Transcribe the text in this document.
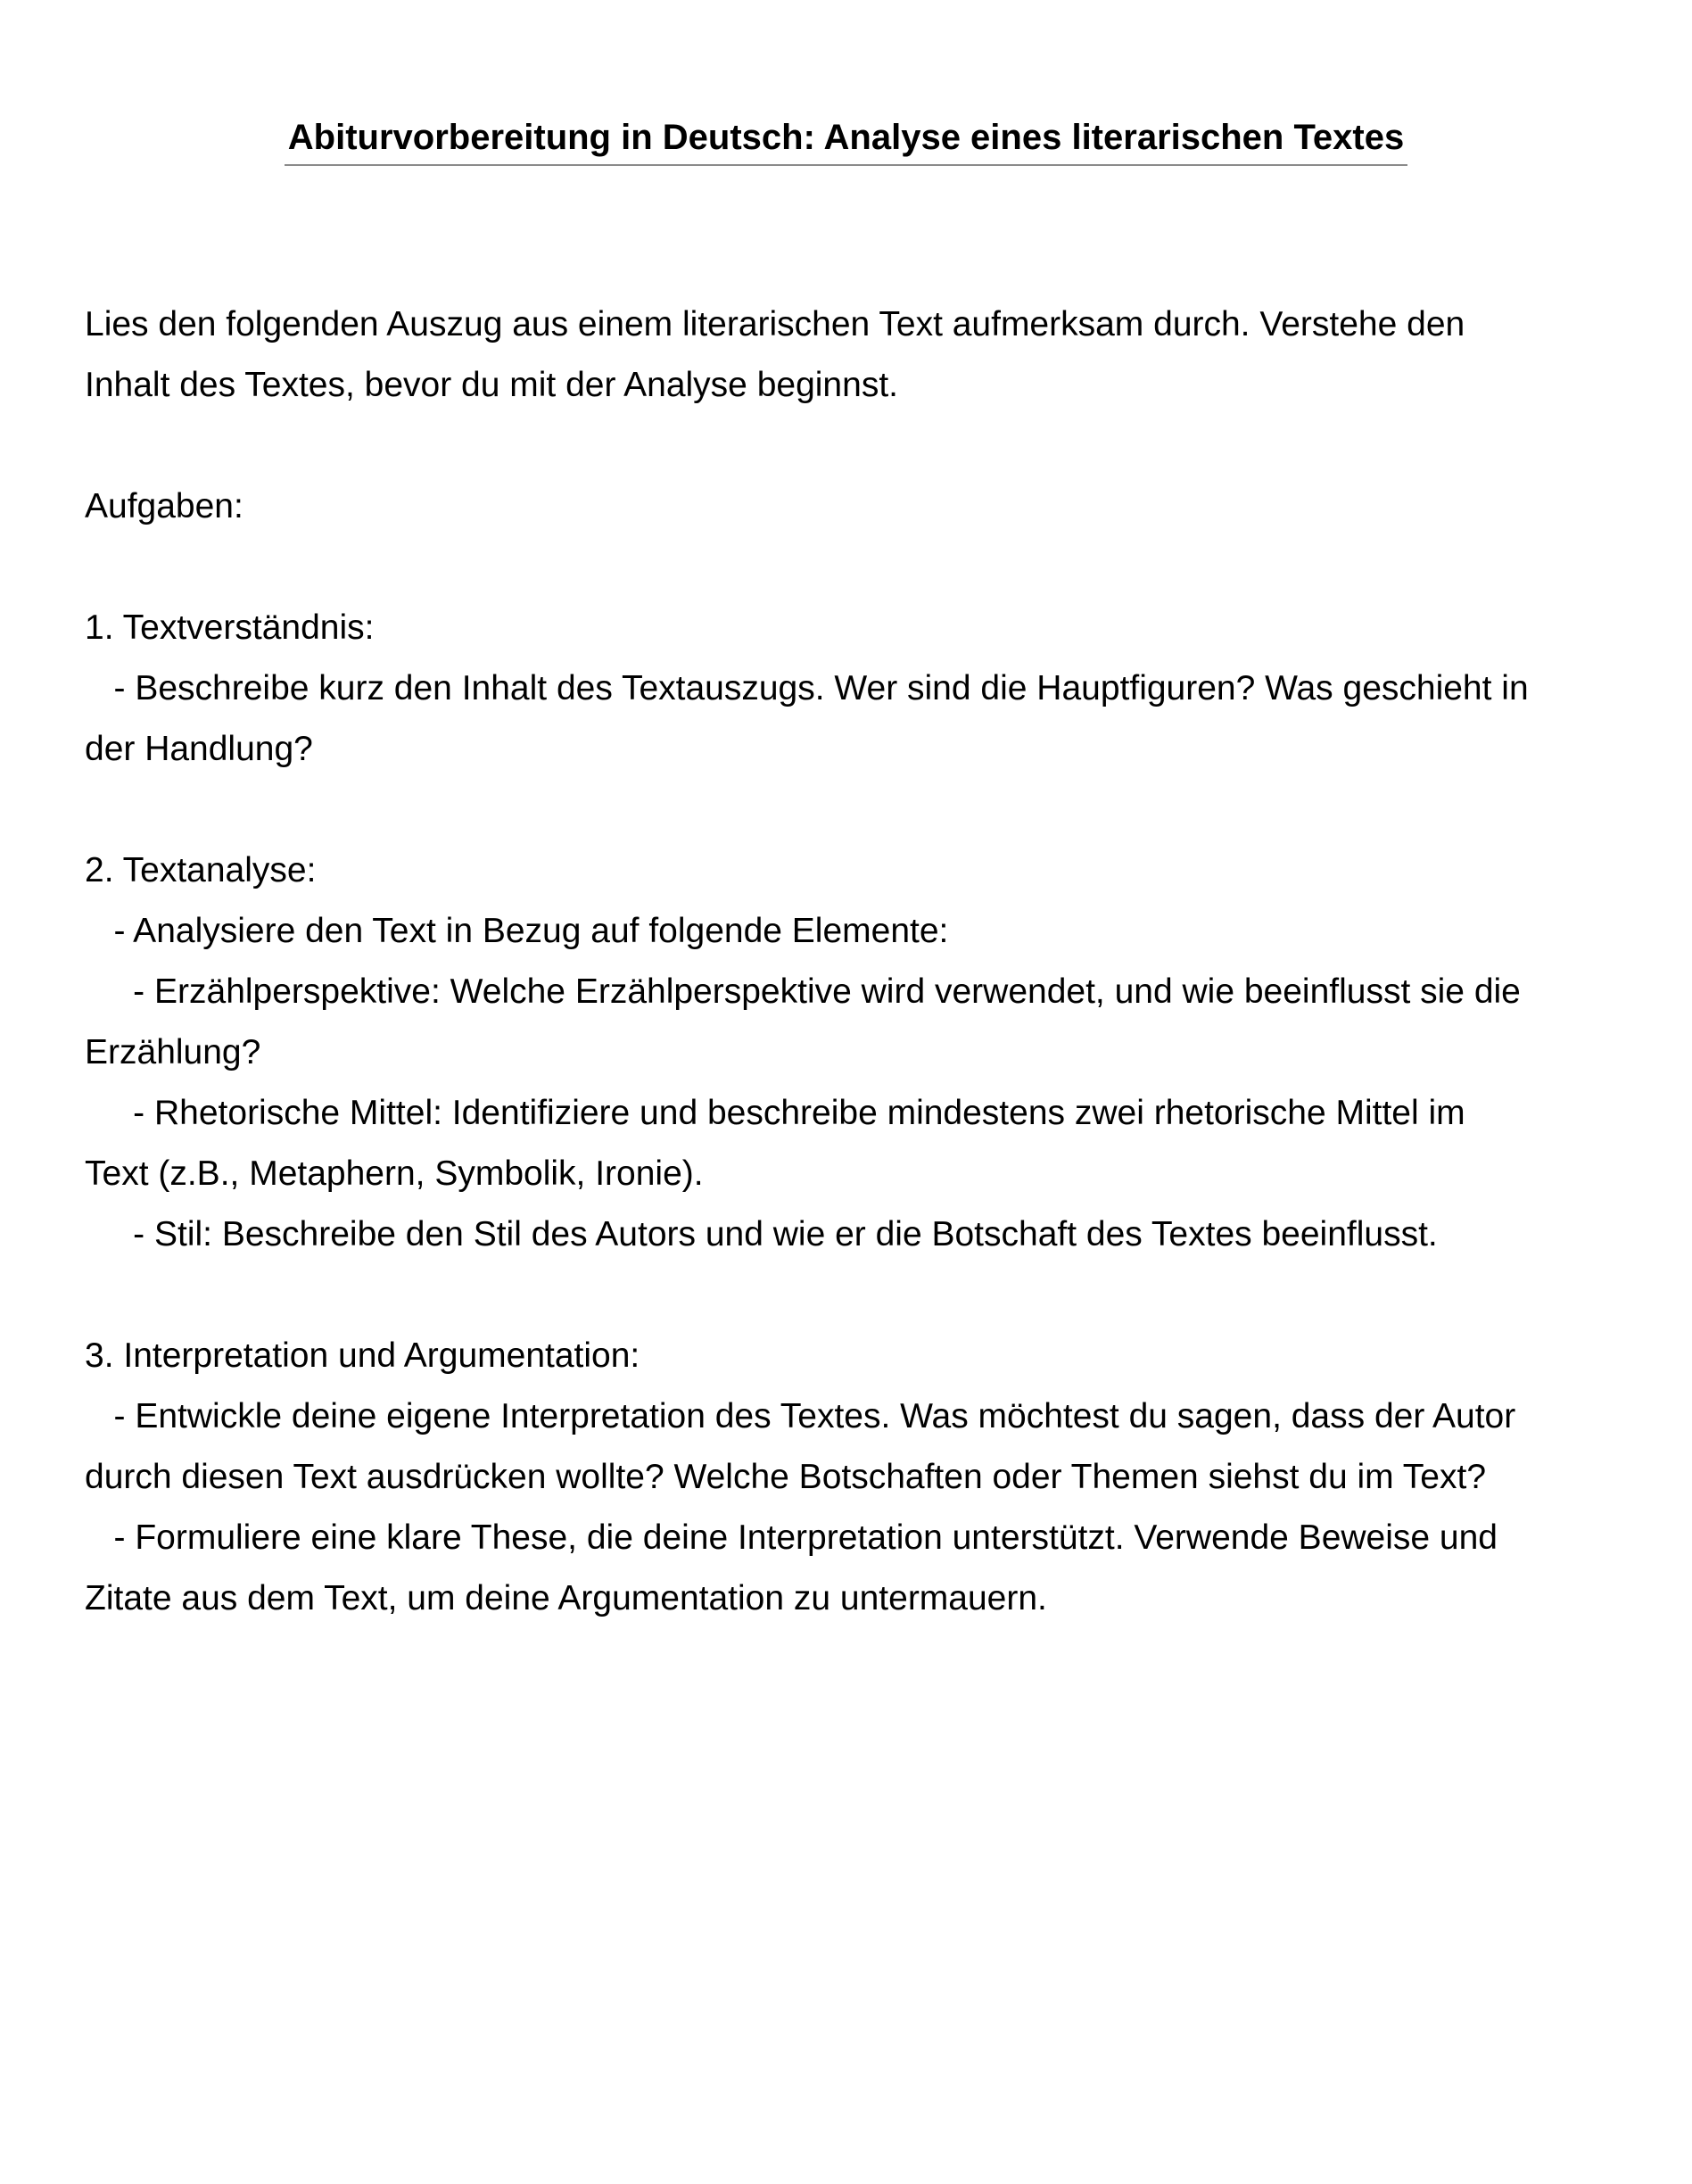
Abiturvorbereitung in Deutsch: Analyse eines literarischen Textes
Lies den folgenden Auszug aus einem literarischen Text aufmerksam durch. Verstehe den
Inhalt des Textes, bevor du mit der Analyse beginnst.
Aufgaben:
1. Textverständnis:
- Beschreibe kurz den Inhalt des Textauszugs. Wer sind die Hauptfiguren? Was geschieht in
der Handlung?
2. Textanalyse:
- Analysiere den Text in Bezug auf folgende Elemente:
- Erzählperspektive: Welche Erzählperspektive wird verwendet, und wie beeinflusst sie die
Erzählung?
- Rhetorische Mittel: Identifiziere und beschreibe mindestens zwei rhetorische Mittel im
Text (z.B., Metaphern, Symbolik, Ironie).
- Stil: Beschreibe den Stil des Autors und wie er die Botschaft des Textes beeinflusst.
3. Interpretation und Argumentation:
- Entwickle deine eigene Interpretation des Textes. Was möchtest du sagen, dass der Autor
durch diesen Text ausdrücken wollte? Welche Botschaften oder Themen siehst du im Text?
- Formuliere eine klare These, die deine Interpretation unterstützt. Verwende Beweise und
Zitate aus dem Text, um deine Argumentation zu untermauern.
